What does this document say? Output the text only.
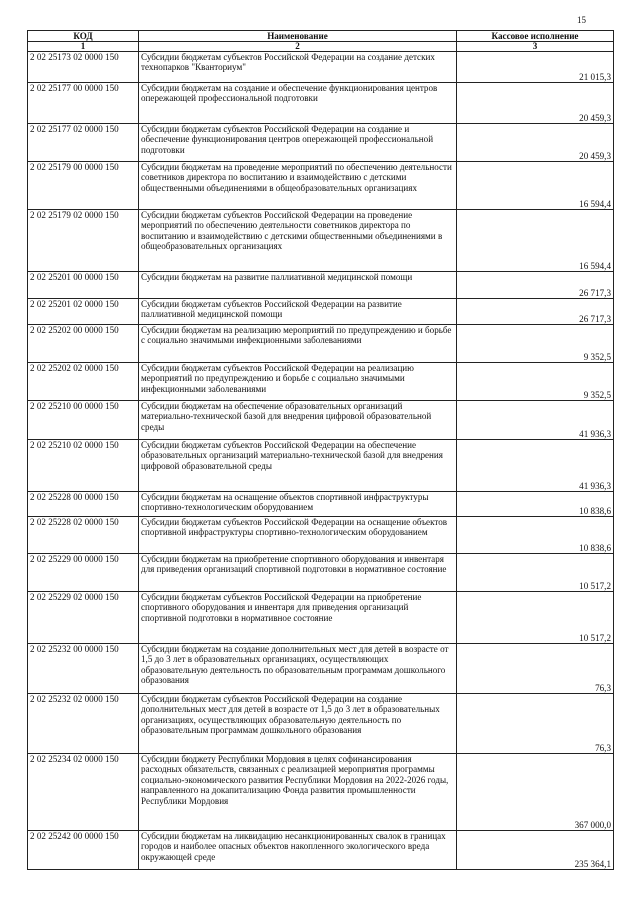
15
КОД	Наименование	Кассовое исполнение
1	2	3
2 02 25173 02 0000 150	Субсидии бюджетам субъектов Российской Федерации на создание детских технопарков "Кванториум"	21 015,3
2 02 25177 00 0000 150	Субсидии бюджетам на создание и обеспечение функционирования центров опережающей профессиональной подготовки	20 459,3
2 02 25177 02 0000 150	Субсидии бюджетам субъектов Российской Федерации на создание и обеспечение функционирования центров опережающей профессиональной подготовки	20 459,3
2 02 25179 00 0000 150	Субсидии бюджетам на проведение мероприятий по обеспечению деятельности советников директора по воспитанию и взаимодействию с детскими общественными объединениями в общеобразовательных организациях	16 594,4
2 02 25179 02 0000 150	Субсидии бюджетам субъектов Российской Федерации на проведение мероприятий по обеспечению деятельности советников директора по воспитанию и взаимодействию с детскими общественными объединениями в общеобразовательных организациях	16 594,4
2 02 25201 00 0000 150	Субсидии бюджетам на развитие паллиативной медицинской помощи	26 717,3
2 02 25201 02 0000 150	Субсидии бюджетам субъектов Российской Федерации на развитие паллиативной медицинской помощи	26 717,3
2 02 25202 00 0000 150	Субсидии бюджетам на реализацию мероприятий по предупреждению и борьбе с социально значимыми инфекционными заболеваниями	9 352,5
2 02 25202 02 0000 150	Субсидии бюджетам субъектов Российской Федерации на реализацию мероприятий по предупреждению и борьбе с социально значимыми инфекционными заболеваниями	9 352,5
2 02 25210 00 0000 150	Субсидии бюджетам на обеспечение образовательных организаций материально-технической базой для внедрения цифровой образовательной среды	41 936,3
2 02 25210 02 0000 150	Субсидии бюджетам субъектов Российской Федерации на обеспечение образовательных организаций материально-технической базой для внедрения цифровой образовательной среды	41 936,3
2 02 25228 00 0000 150	Субсидии бюджетам на оснащение объектов спортивной инфраструктуры спортивно-технологическим оборудованием	10 838,6
2 02 25228 02 0000 150	Субсидии бюджетам субъектов Российской Федерации на оснащение объектов спортивной инфраструктуры спортивно-технологическим оборудованием	10 838,6
2 02 25229 00 0000 150	Субсидии бюджетам на приобретение спортивного оборудования и инвентаря для приведения организаций спортивной подготовки в нормативное состояние	10 517,2
2 02 25229 02 0000 150	Субсидии бюджетам субъектов Российской Федерации на приобретение спортивного оборудования и инвентаря для приведения организаций спортивной подготовки в нормативное состояние	10 517,2
2 02 25232 00 0000 150	Субсидии бюджетам на создание дополнительных мест для детей в возрасте от 1,5 до 3 лет в образовательных организациях, осуществляющих образовательную деятельность по образовательным программам дошкольного образования	76,3
2 02 25232 02 0000 150	Субсидии бюджетам субъектов Российской Федерации на создание дополнительных мест для детей в возрасте от 1,5 до 3 лет в образовательных организациях, осуществляющих образовательную деятельность по образовательным программам дошкольного образования	76,3
2 02 25234 02 0000 150	Субсидии бюджету Республики Мордовия в целях софинансирования расходных обязательств, связанных с реализацией мероприятия программы социально-экономического развития Республики Мордовия на 2022-2026 годы, направленного на докапитализацию Фонда развития промышленности Республики Мордовия	367 000,0
2 02 25242 00 0000 150	Субсидии бюджетам на ликвидацию несанкционированных свалок в границах городов и наиболее опасных объектов накопленного экологического вреда окружающей среде	235 364,1
